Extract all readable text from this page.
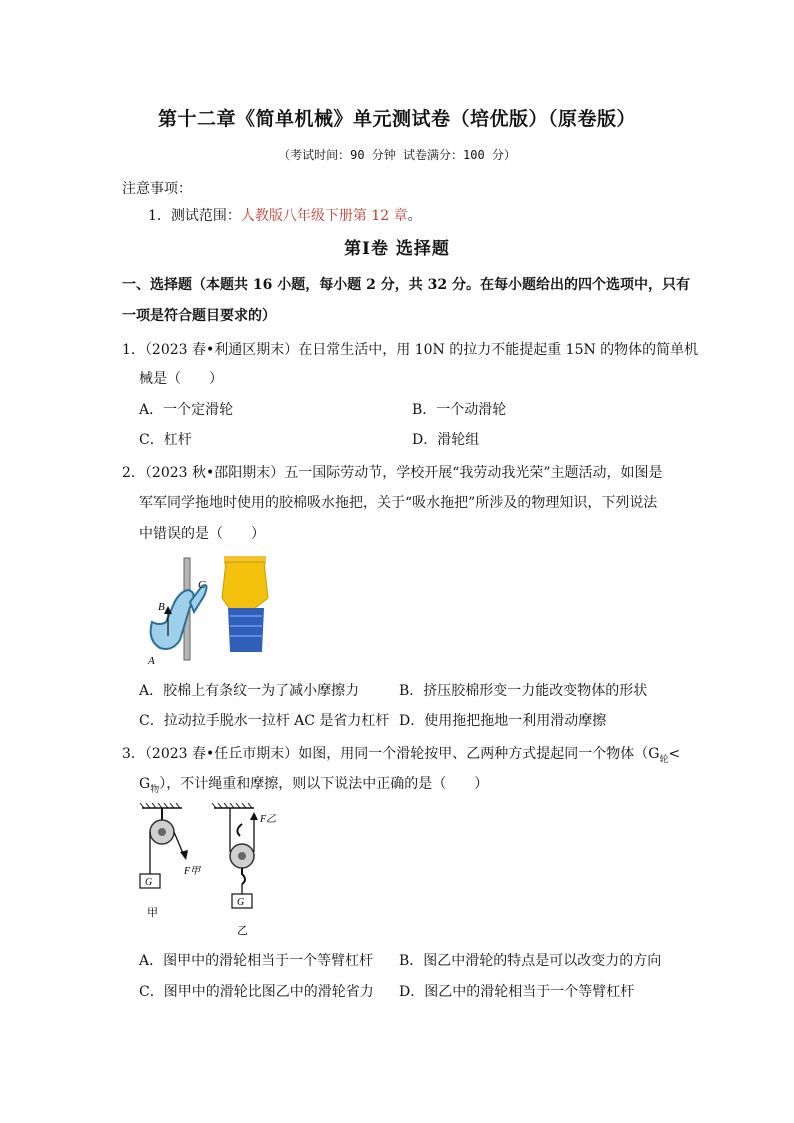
第十二章《简单机械》单元测试卷（培优版）（原卷版）
（考试时间：90 分钟 试卷满分：100 分）
注意事项：
1．测试范围：人教版八年级下册第 12 章。
第Ⅰ卷 选择题
一、选择题（本题共 16 小题，每小题 2 分，共 32 分。在每小题给出的四个选项中，只有
一项是符合题目要求的）
1．（2023 春•利通区期末）在日常生活中，用 10N 的拉力不能提起重 15N 的物体的简单机
械是（　　）
A．一个定滑轮	B．一个动滑轮
C．杠杆	D．滑轮组
2．（2023 秋•邵阳期末）五一国际劳动节，学校开展“我劳动我光荣”主题活动，如图是
军军同学拖地时使用的胶棉吸水拖把，关于“吸水拖把”所涉及的物理知识，下列说法
中错误的是（　　）
B
C
A
A．胶棉上有条纹一为了减小摩擦力	B．挤压胶棉形变一力能改变物体的形状
C．拉动拉手脱水一拉杆 AC 是省力杠杆 D．使用拖把拖地一利用滑动摩擦
3．（2023 春•任丘市期末）如图，用同一个滑轮按甲、乙两种方式提起同一个物体（$G_轮<$
$G_物$），不计绳重和摩擦，则以下说法中正确的是（　　）
F甲
G
甲
F乙
G
乙
A．图甲中的滑轮相当于一个等臂杠杆 B．图乙中滑轮的特点是可以改变力的方向
C．图甲中的滑轮比图乙中的滑轮省力 D．图乙中的滑轮相当于一个等臂杠杆
